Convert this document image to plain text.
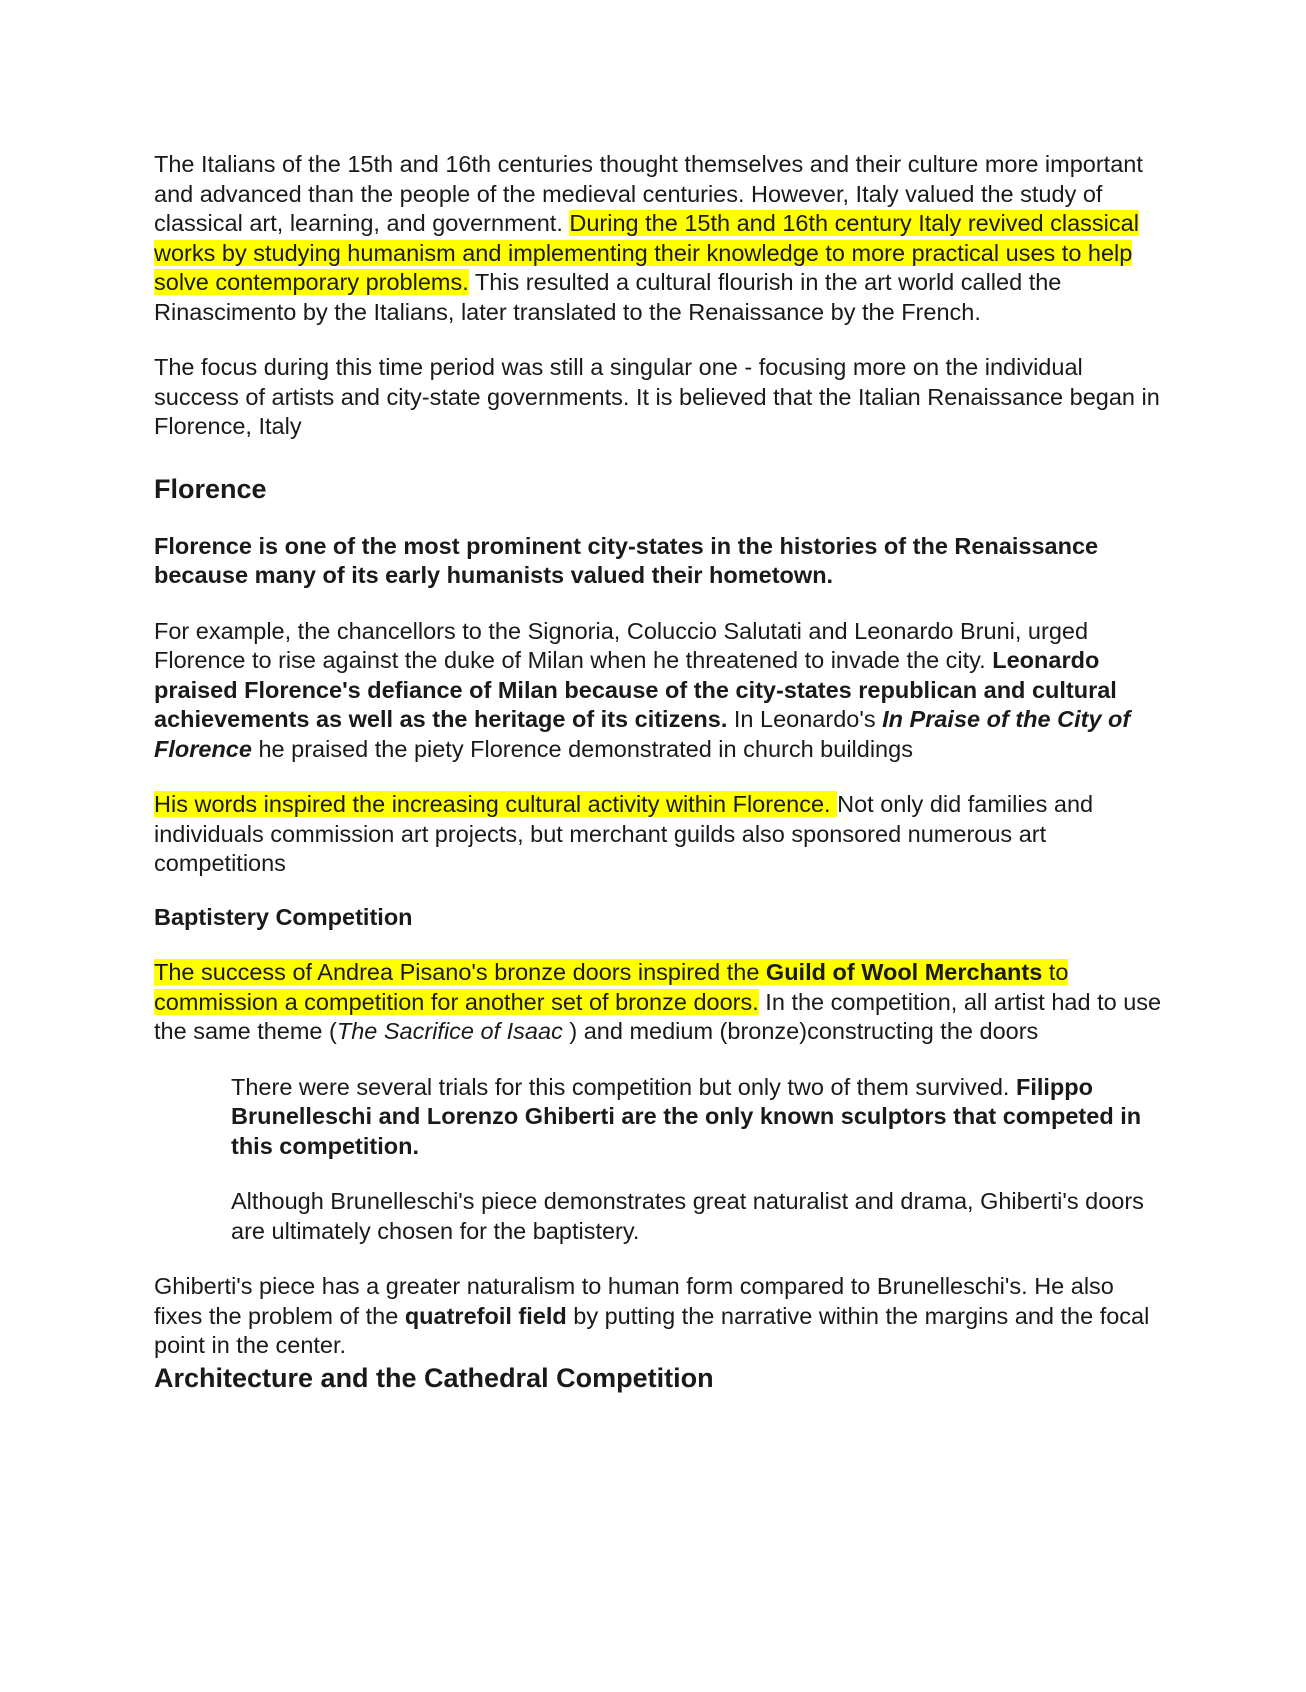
The Italians of the 15th and 16th centuries thought themselves and their culture more important and advanced than the people of the medieval centuries. However, Italy valued the study of classical art, learning, and government. During the 15th and 16th century Italy revived classical works by studying humanism and implementing their knowledge to more practical uses to help solve contemporary problems. This resulted a cultural flourish in the art world called the Rinascimento by the Italians, later translated to the Renaissance by the French.

The focus during this time period was still a singular one - focusing more on the individual success of artists and city-state governments. It is believed that the Italian Renaissance began in Florence, Italy

Florence

Florence is one of the most prominent city-states in the histories of the Renaissance because many of its early humanists valued their hometown.

For example, the chancellors to the Signoria, Coluccio Salutati and Leonardo Bruni, urged Florence to rise against the duke of Milan when he threatened to invade the city. Leonardo praised Florence's defiance of Milan because of the city-states republican and cultural achievements as well as the heritage of its citizens. In Leonardo's In Praise of the City of Florence he praised the piety Florence demonstrated in church buildings

His words inspired the increasing cultural activity within Florence. Not only did families and individuals commission art projects, but merchant guilds also sponsored numerous art competitions

Baptistery Competition

The success of Andrea Pisano's bronze doors inspired the Guild of Wool Merchants to commission a competition for another set of bronze doors. In the competition, all artist had to use the same theme (The Sacrifice of Isaac ) and medium (bronze)constructing the doors

There were several trials for this competition but only two of them survived. Filippo Brunelleschi and Lorenzo Ghiberti are the only known sculptors that competed in this competition.

Although Brunelleschi's piece demonstrates great naturalist and drama, Ghiberti's doors are ultimately chosen for the baptistery.

Ghiberti's piece has a greater naturalism to human form compared to Brunelleschi's. He also fixes the problem of the quatrefoil field by putting the narrative within the margins and the focal point in the center.

Architecture and the Cathedral Competition
